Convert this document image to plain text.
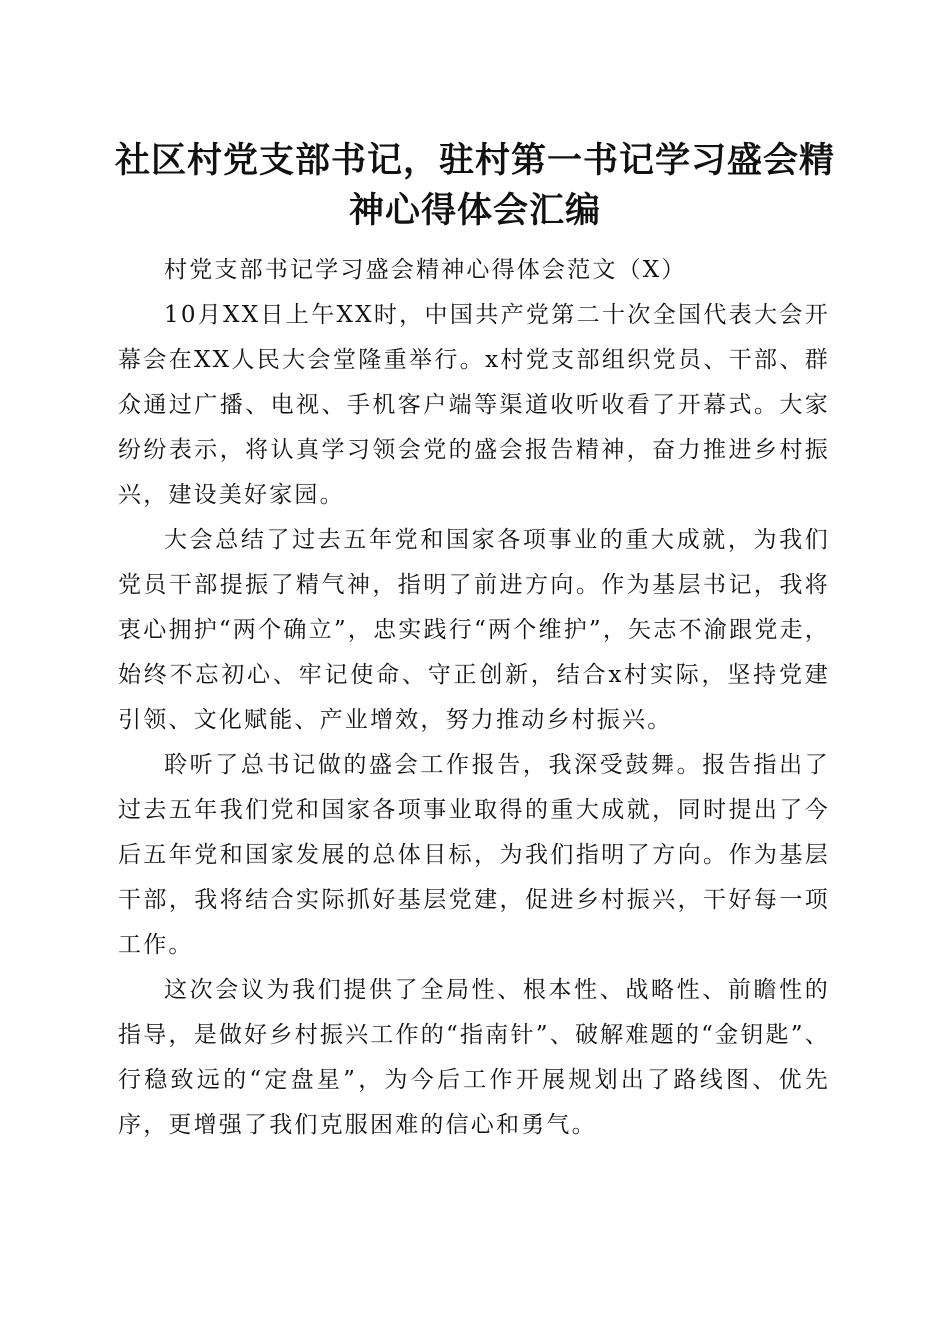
社区村党支部书记，驻村第一书记学习盛会精
神心得体会汇编

村党支部书记学习盛会精神心得体会范文（X）

10月XX日上午XX时，中国共产党第二十次全国代表大会开幕会在XX人民大会堂隆重举行。x村党支部组织党员、干部、群众通过广播、电视、手机客户端等渠道收听收看了开幕式。大家纷纷表示，将认真学习领会党的盛会报告精神，奋力推进乡村振兴，建设美好家园。

大会总结了过去五年党和国家各项事业的重大成就，为我们党员干部提振了精气神，指明了前进方向。作为基层书记，我将衷心拥护“两个确立”，忠实践行“两个维护”，矢志不渝跟党走，始终不忘初心、牢记使命、守正创新，结合x村实际，坚持党建引领、文化赋能、产业增效，努力推动乡村振兴。

聆听了总书记做的盛会工作报告，我深受鼓舞。报告指出了过去五年我们党和国家各项事业取得的重大成就，同时提出了今后五年党和国家发展的总体目标，为我们指明了方向。作为基层干部，我将结合实际抓好基层党建，促进乡村振兴，干好每一项工作。

这次会议为我们提供了全局性、根本性、战略性、前瞻性的指导，是做好乡村振兴工作的“指南针”、破解难题的“金钥匙”、行稳致远的“定盘星”，为今后工作开展规划出了路线图、优先序，更增强了我们克服困难的信心和勇气。
